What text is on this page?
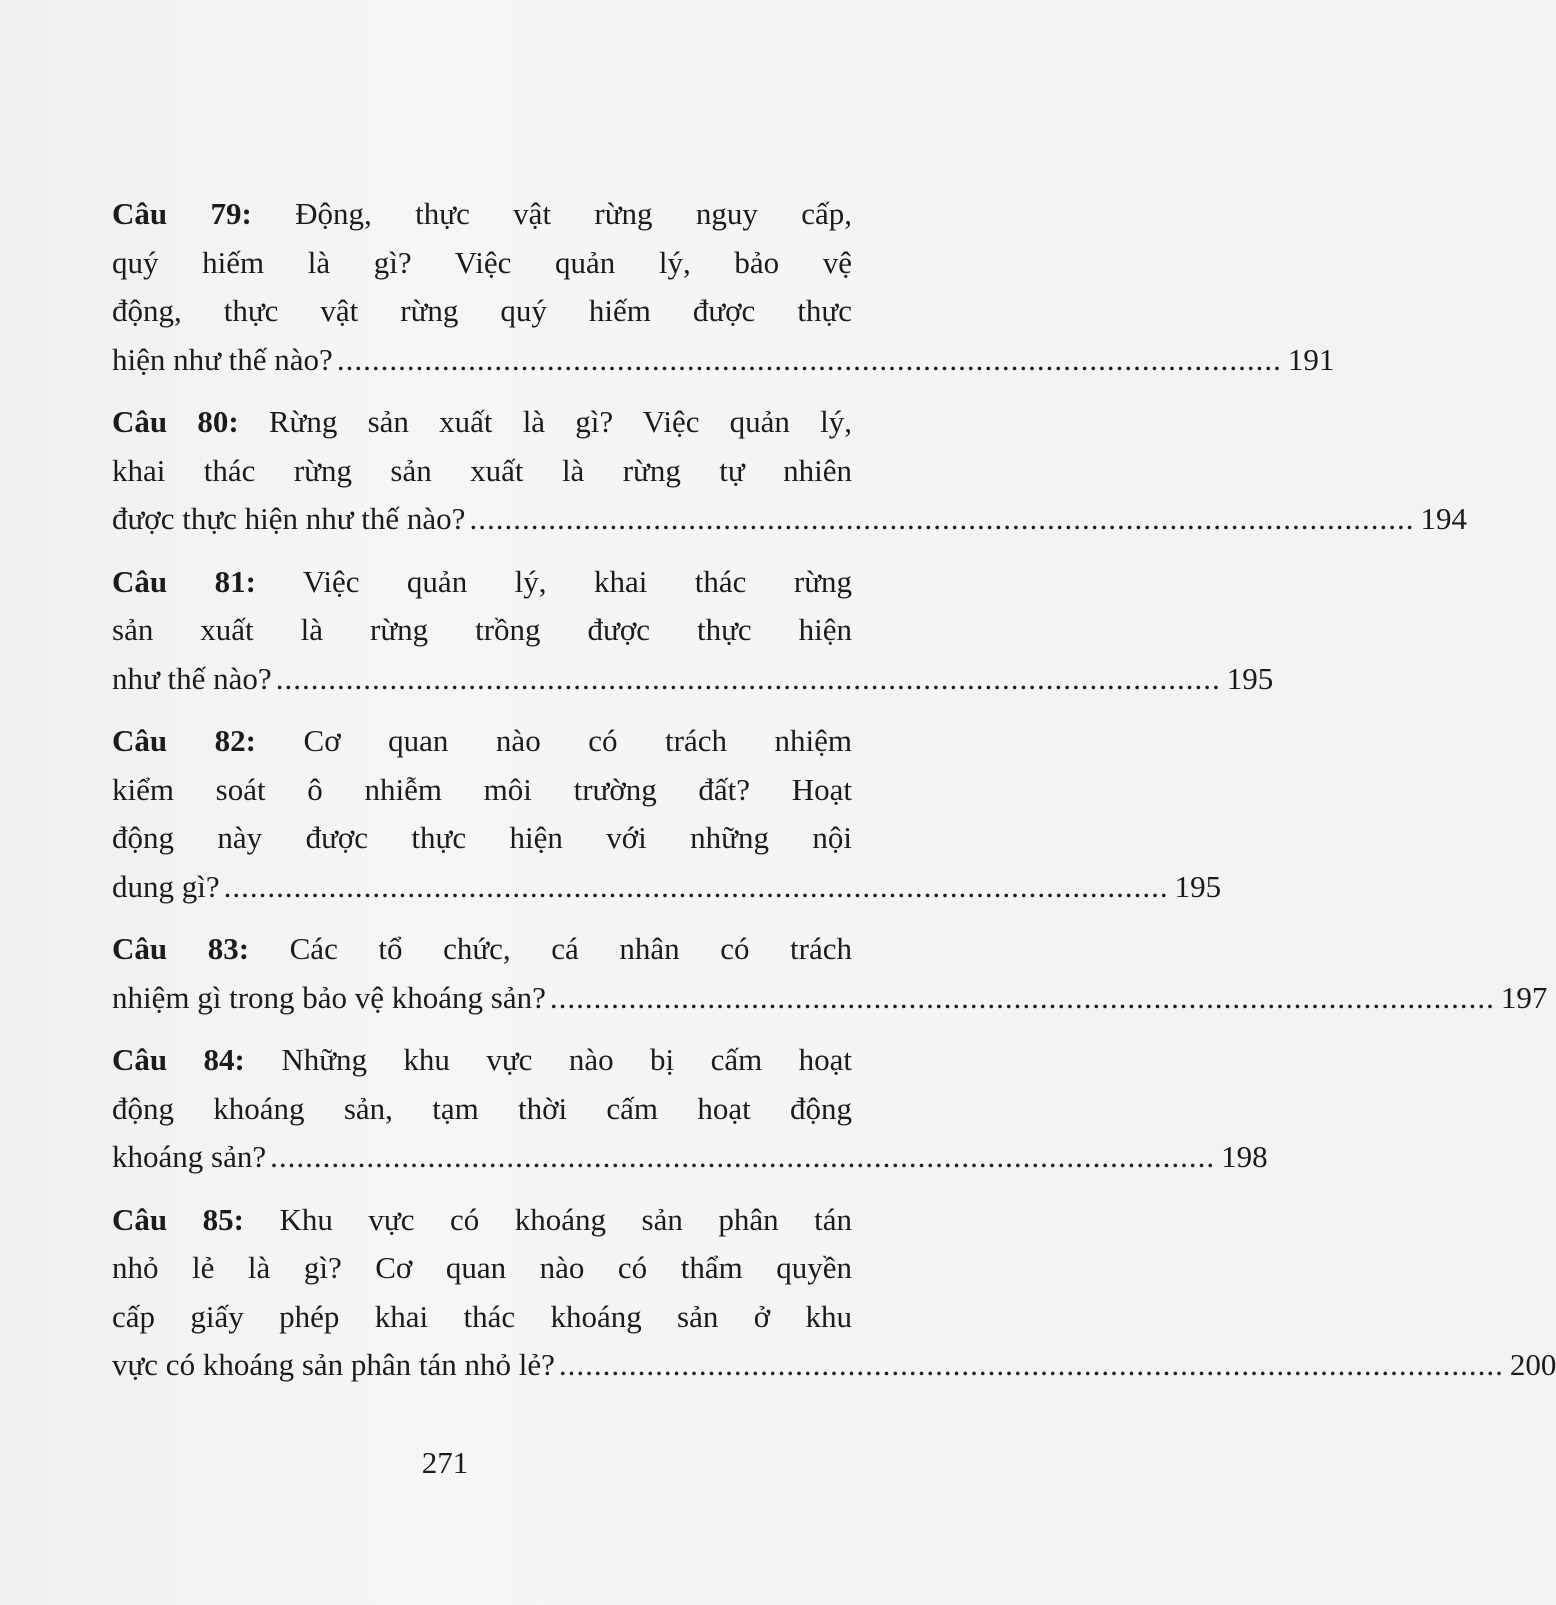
Câu 79: Động, thực vật rừng nguy cấp,
quý hiếm là gì? Việc quản lý, bảo vệ
động, thực vật rừng quý hiếm được thực
hiện như thế nào? ............................................................................................................ 191
Câu 80: Rừng sản xuất là gì? Việc quản lý,
khai thác rừng sản xuất là rừng tự nhiên
được thực hiện như thế nào? ............................................................................................................ 194
Câu 81: Việc quản lý, khai thác rừng
sản xuất là rừng trồng được thực hiện
như thế nào? ............................................................................................................ 195
Câu 82: Cơ quan nào có trách nhiệm
kiểm soát ô nhiễm môi trường đất? Hoạt
động này được thực hiện với những nội
dung gì? ............................................................................................................ 195
Câu 83: Các tổ chức, cá nhân có trách
nhiệm gì trong bảo vệ khoáng sản? ............................................................................................................ 197
Câu 84: Những khu vực nào bị cấm hoạt
động khoáng sản, tạm thời cấm hoạt động
khoáng sản? ............................................................................................................ 198
Câu 85: Khu vực có khoáng sản phân tán
nhỏ lẻ là gì? Cơ quan nào có thẩm quyền
cấp giấy phép khai thác khoáng sản ở khu
vực có khoáng sản phân tán nhỏ lẻ? ............................................................................................................ 200
271
